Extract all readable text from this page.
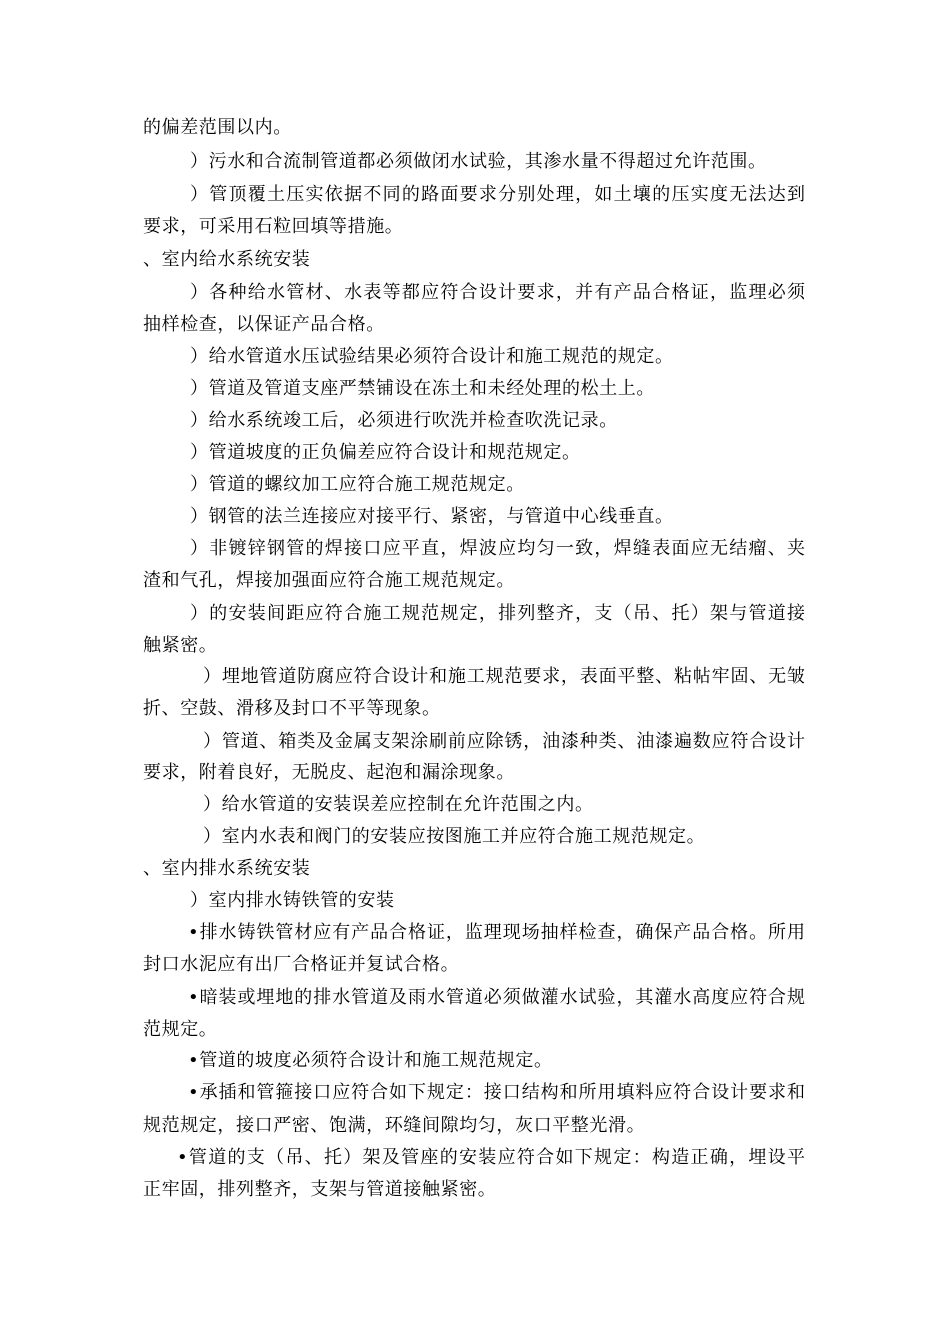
的偏差范围以内。
）污水和合流制管道都必须做闭水试验，其渗水量不得超过允许范围。
）管顶覆土压实依据不同的路面要求分别处理，如土壤的压实度无法达到
要求，可采用石粒回填等措施。
、室内给水系统安装
）各种给水管材、水表等都应符合设计要求，并有产品合格证，监理必须
抽样检查，以保证产品合格。
）给水管道水压试验结果必须符合设计和施工规范的规定。
）管道及管道支座严禁铺设在冻土和未经处理的松土上。
）给水系统竣工后，必须进行吹洗并检查吹洗记录。
）管道坡度的正负偏差应符合设计和规范规定。
）管道的螺纹加工应符合施工规范规定。
）钢管的法兰连接应对接平行、紧密，与管道中心线垂直。
）非镀锌钢管的焊接口应平直，焊波应均匀一致，焊缝表面应无结瘤、夹
渣和气孔，焊接加强面应符合施工规范规定。
）的安装间距应符合施工规范规定，排列整齐，支（吊、托）架与管道接
触紧密。
）埋地管道防腐应符合设计和施工规范要求，表面平整、粘帖牢固、无皱
折、空鼓、滑移及封口不平等现象。
）管道、箱类及金属支架涂刷前应除锈，油漆种类、油漆遍数应符合设计
要求，附着良好，无脱皮、起泡和漏涂现象。
）给水管道的安装误差应控制在允许范围之内。
）室内水表和阀门的安装应按图施工并应符合施工规范规定。
、室内排水系统安装
）室内排水铸铁管的安装
•排水铸铁管材应有产品合格证，监理现场抽样检查，确保产品合格。所用
封口水泥应有出厂合格证并复试合格。
•暗装或埋地的排水管道及雨水管道必须做灌水试验，其灌水高度应符合规
范规定。
•管道的坡度必须符合设计和施工规范规定。
•承插和管箍接口应符合如下规定：接口结构和所用填料应符合设计要求和
规范规定，接口严密、饱满，环缝间隙均匀，灰口平整光滑。
•管道的支（吊、托）架及管座的安装应符合如下规定：构造正确，埋设平
正牢固，排列整齐，支架与管道接触紧密。
